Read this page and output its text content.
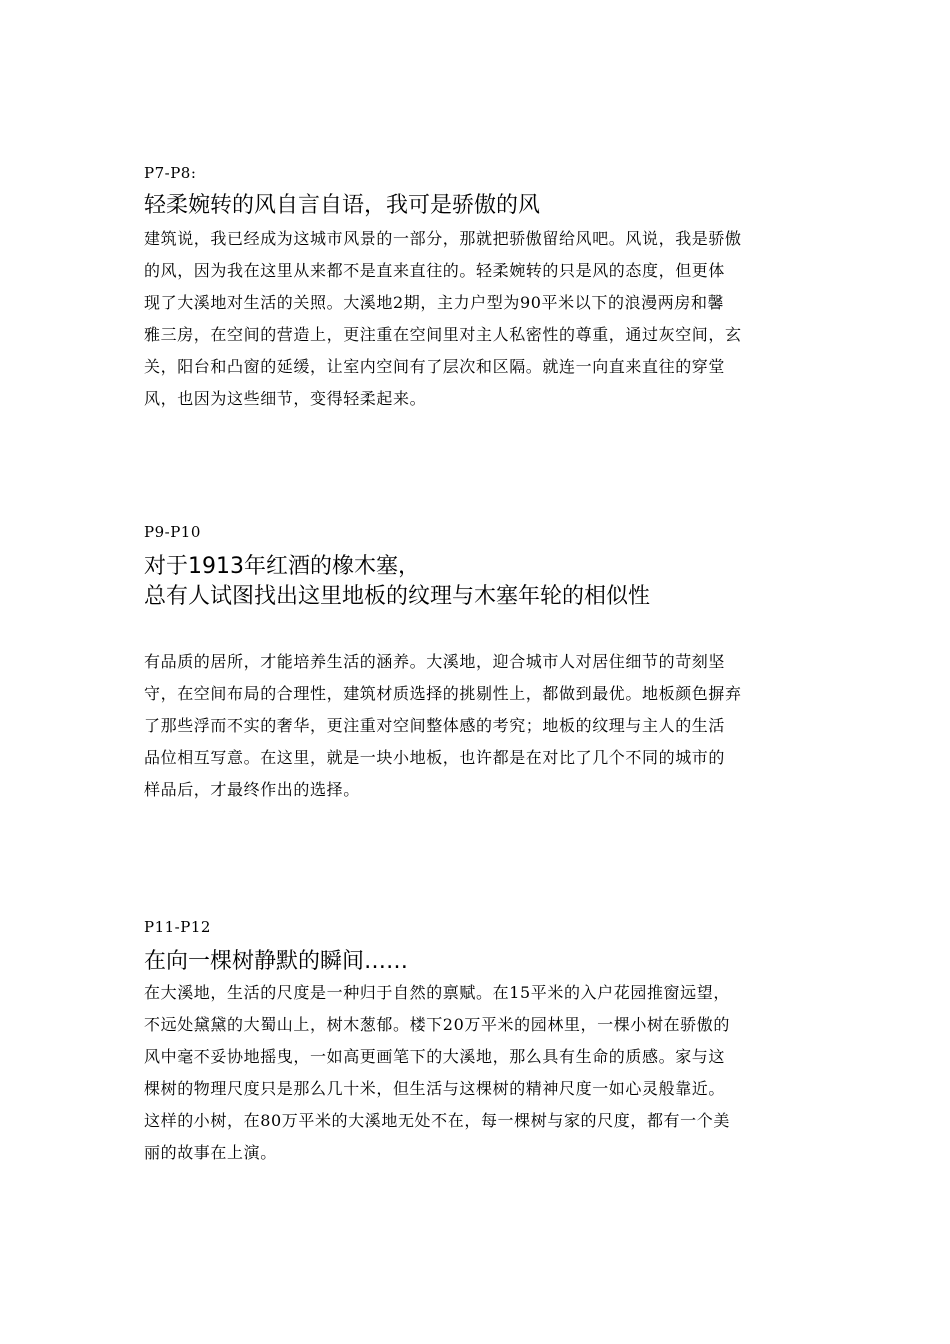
P7-P8:
轻柔婉转的风自言自语，我可是骄傲的风
建筑说，我已经成为这城市风景的一部分，那就把骄傲留给风吧。风说，我是骄傲
的风，因为我在这里从来都不是直来直往的。轻柔婉转的只是风的态度，但更体
现了大溪地对生活的关照。大溪地2期，主力户型为90平米以下的浪漫两房和馨
雅三房，在空间的营造上，更注重在空间里对主人私密性的尊重，通过灰空间，玄
关，阳台和凸窗的延缓，让室内空间有了层次和区隔。就连一向直来直往的穿堂
风，也因为这些细节，变得轻柔起来。
P9-P10
对于1913年红酒的橡木塞，
总有人试图找出这里地板的纹理与木塞年轮的相似性
有品质的居所，才能培养生活的涵养。大溪地，迎合城市人对居住细节的苛刻坚
守，在空间布局的合理性，建筑材质选择的挑剔性上，都做到最优。地板颜色摒弃
了那些浮而不实的奢华，更注重对空间整体感的考究；地板的纹理与主人的生活
品位相互写意。在这里，就是一块小地板，也许都是在对比了几个不同的城市的
样品后，才最终作出的选择。
P11-P12
在向一棵树静默的瞬间……
在大溪地，生活的尺度是一种归于自然的禀赋。在15平米的入户花园推窗远望，
不远处黛黛的大蜀山上，树木葱郁。楼下20万平米的园林里，一棵小树在骄傲的
风中毫不妥协地摇曳，一如高更画笔下的大溪地，那么具有生命的质感。家与这
棵树的物理尺度只是那么几十米，但生活与这棵树的精神尺度一如心灵般靠近。
这样的小树，在80万平米的大溪地无处不在，每一棵树与家的尺度，都有一个美
丽的故事在上演。
